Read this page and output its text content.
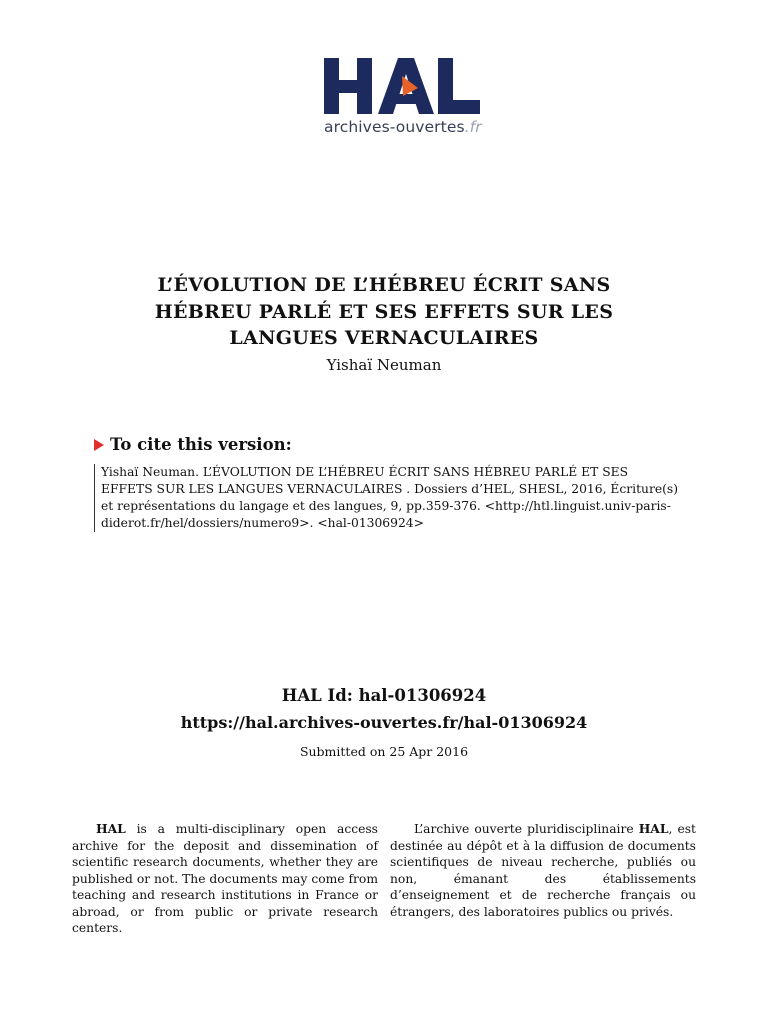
archives-ouvertes.fr
L’ÉVOLUTION DE L’HÉBREU ÉCRIT SANS
HÉBREU PARLÉ ET SES EFFETS SUR LES
LANGUES VERNACULAIRES
Yishaï Neuman
To cite this version:
Yishaï Neuman. L’ÉVOLUTION DE L’HÉBREU ÉCRIT SANS HÉBREU PARLÉ ET SES
EFFETS SUR LES LANGUES VERNACULAIRES . Dossiers d’HEL, SHESL, 2016, Écriture(s)
et représentations du langage et des langues, 9, pp.359-376. <http://htl.linguist.univ-paris-
diderot.fr/hel/dossiers/numero9>. <hal-01306924>
HAL Id: hal-01306924
https://hal.archives-ouvertes.fr/hal-01306924
Submitted on 25 Apr 2016

HAL is a multi-disciplinary open access archive for the deposit and dissemination of scientific research documents, whether they are published or not. The documents may come from teaching and research institutions in France or abroad, or from public or private research centers.

L’archive ouverte pluridisciplinaire HAL, est destinée au dépôt et à la diffusion de documents scientifiques de niveau recherche, publiés ou non, émanant des établissements d’enseignement et de recherche français ou étrangers, des laboratoires publics ou privés.
